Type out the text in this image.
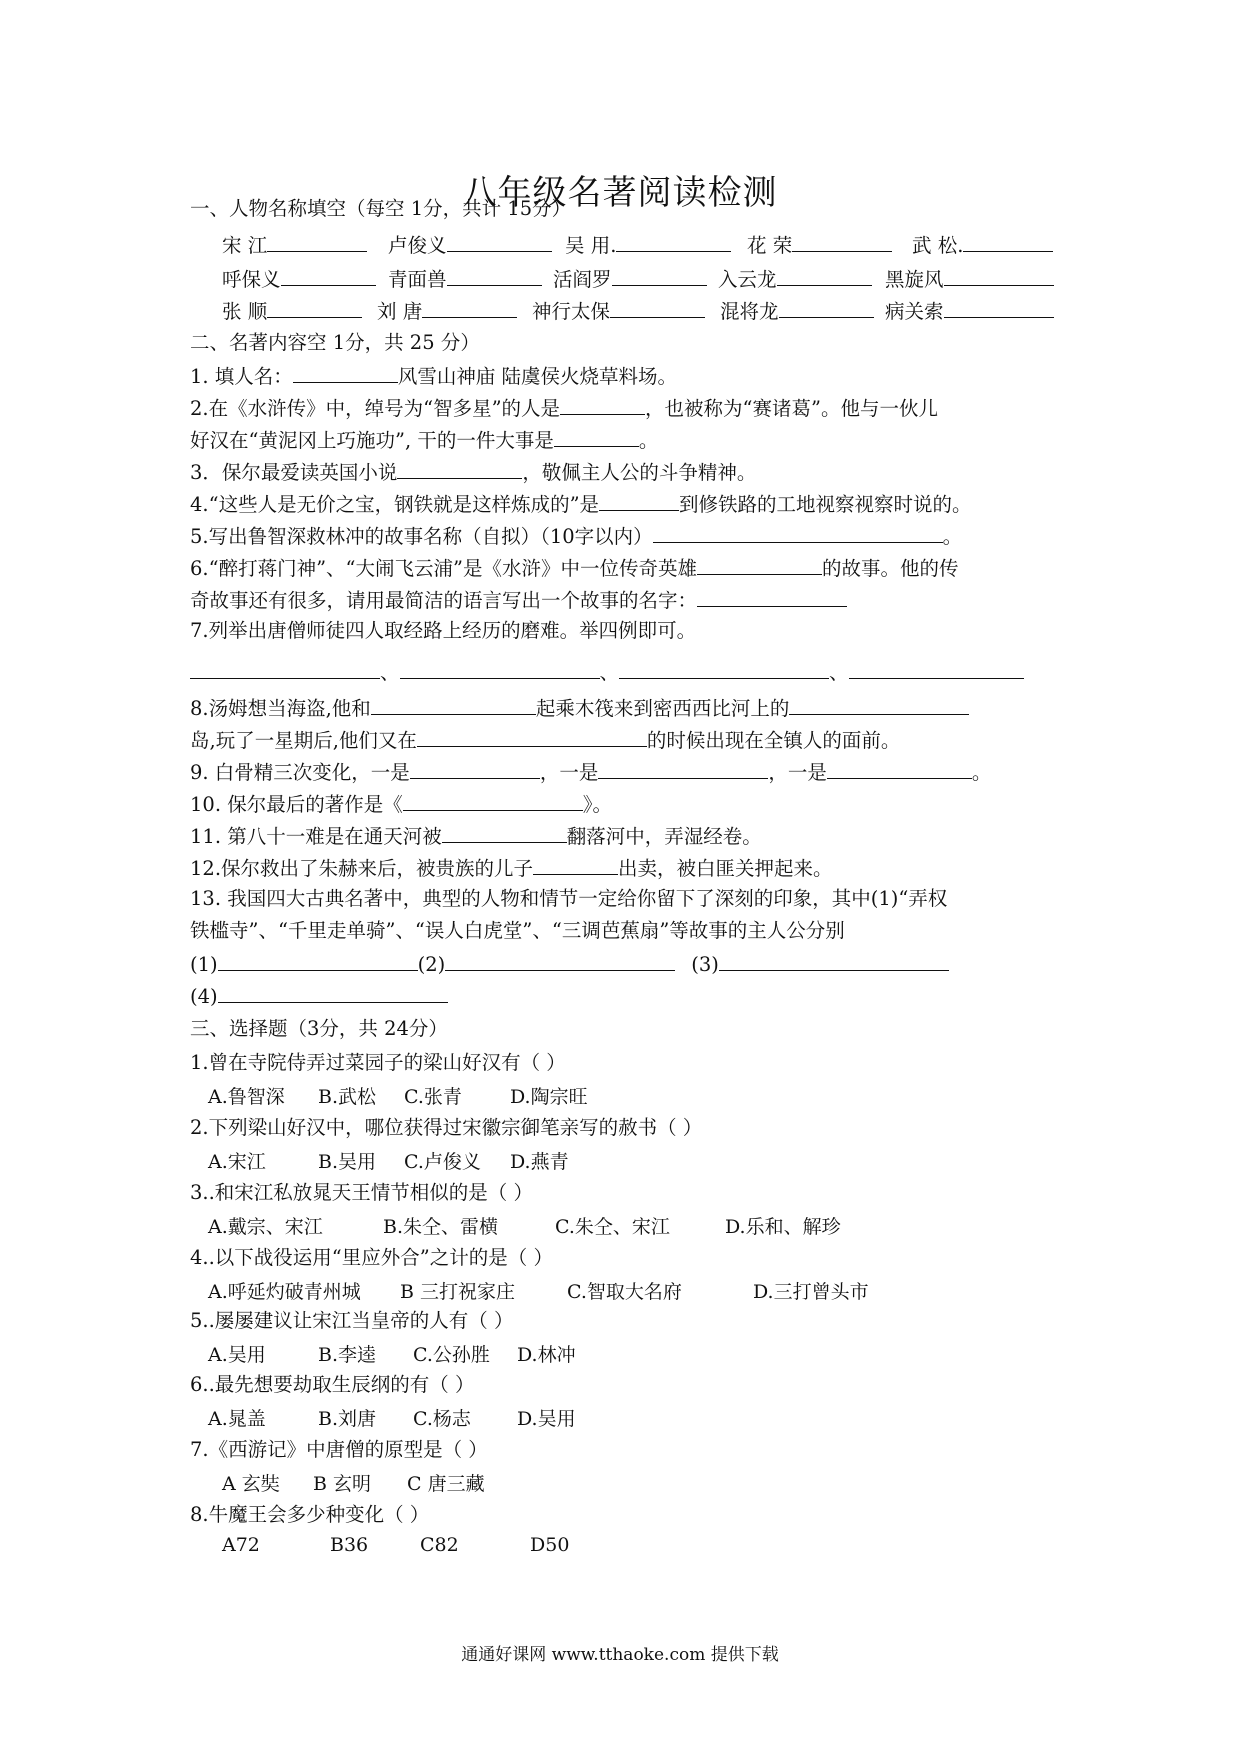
八年级名著阅读检测
一、人物名称填空（每空 1分，共计 15分）
宋 江	卢俊义	吴 用.	花 荣	武 松.
呼保义	青面兽	活阎罗	入云龙	黑旋风
张 顺	刘 唐	神行太保	混将龙	病关索
二、名著内容空 1分，共 25 分）
1. 填人名：	风雪山神庙 陆虞侯火烧草料场。
2.在《水浒传》中，绰号为“智多星”的人是	，也被称为“赛诸葛”。他与一伙儿
好汉在“黄泥冈上巧施功”, 干的一件大事是	。
3．保尔最爱读英国小说	，敬佩主人公的斗争精神。
4.“这些人是无价之宝，钢铁就是这样炼成的”是	到修铁路的工地视察视察时说的。
5.写出鲁智深救林冲的故事名称（自拟）（10字以内）	。
6.“醉打蒋门神”、“大闹飞云浦”是《水浒》中一位传奇英雄	的故事。他的传
奇故事还有很多，请用最简洁的语言写出一个故事的名字：
7.列举出唐僧师徒四人取经路上经历的磨难。举四例即可。
、	、	、
8.汤姆想当海盗,他和	起乘木筏来到密西西比河上的
岛,玩了一星期后,他们又在	的时候出现在全镇人的面前。
9. 白骨精三次变化，一是	，一是	，一是	。
10. 保尔最后的著作是《	》。
11. 第八十一难是在通天河被	翻落河中，弄湿经卷。
12.保尔救出了朱赫来后，被贵族的儿子	出卖，被白匪关押起来。
13. 我国四大古典名著中，典型的人物和情节一定给你留下了深刻的印象，其中(1)“弄权
铁槛寺”、“千里走单骑”、“误人白虎堂”、“三调芭蕉扇”等故事的主人公分别
(1)	(2)	(3)
(4)
三、选择题（3分，共 24分）
1.曾在寺院侍弄过菜园子的梁山好汉有（ ）
A.鲁智深 B.武松 C.张青	D.陶宗旺
2.下列梁山好汉中，哪位获得过宋徽宗御笔亲写的赦书（ ）
A.宋江	B.吴用 C.卢俊义 D.燕青
3..和宋江私放晁天王情节相似的是（ ）
A.戴宗、宋江	B.朱仝、雷横	C.朱仝、宋江	D.乐和、解珍
4..以下战役运用“里应外合”之计的是（ ）
A.呼延灼破青州城 B 三打祝家庄	C.智取大名府	D.三打曾头市
5..屡屡建议让宋江当皇帝的人有（ ）
A.吴用	B.李逵 C.公孙胜 D.林冲
6..最先想要劫取生辰纲的有（ ）
A.晁盖	B.刘唐 C.杨志 D.吴用
7.《西游记》中唐僧的原型是（ ）
A 玄奘 B 玄明 C 唐三藏
8.牛魔王会多少种变化（ ）
A72	B36	C82	D50
通通好课网 www.tthaoke.com 提供下载
